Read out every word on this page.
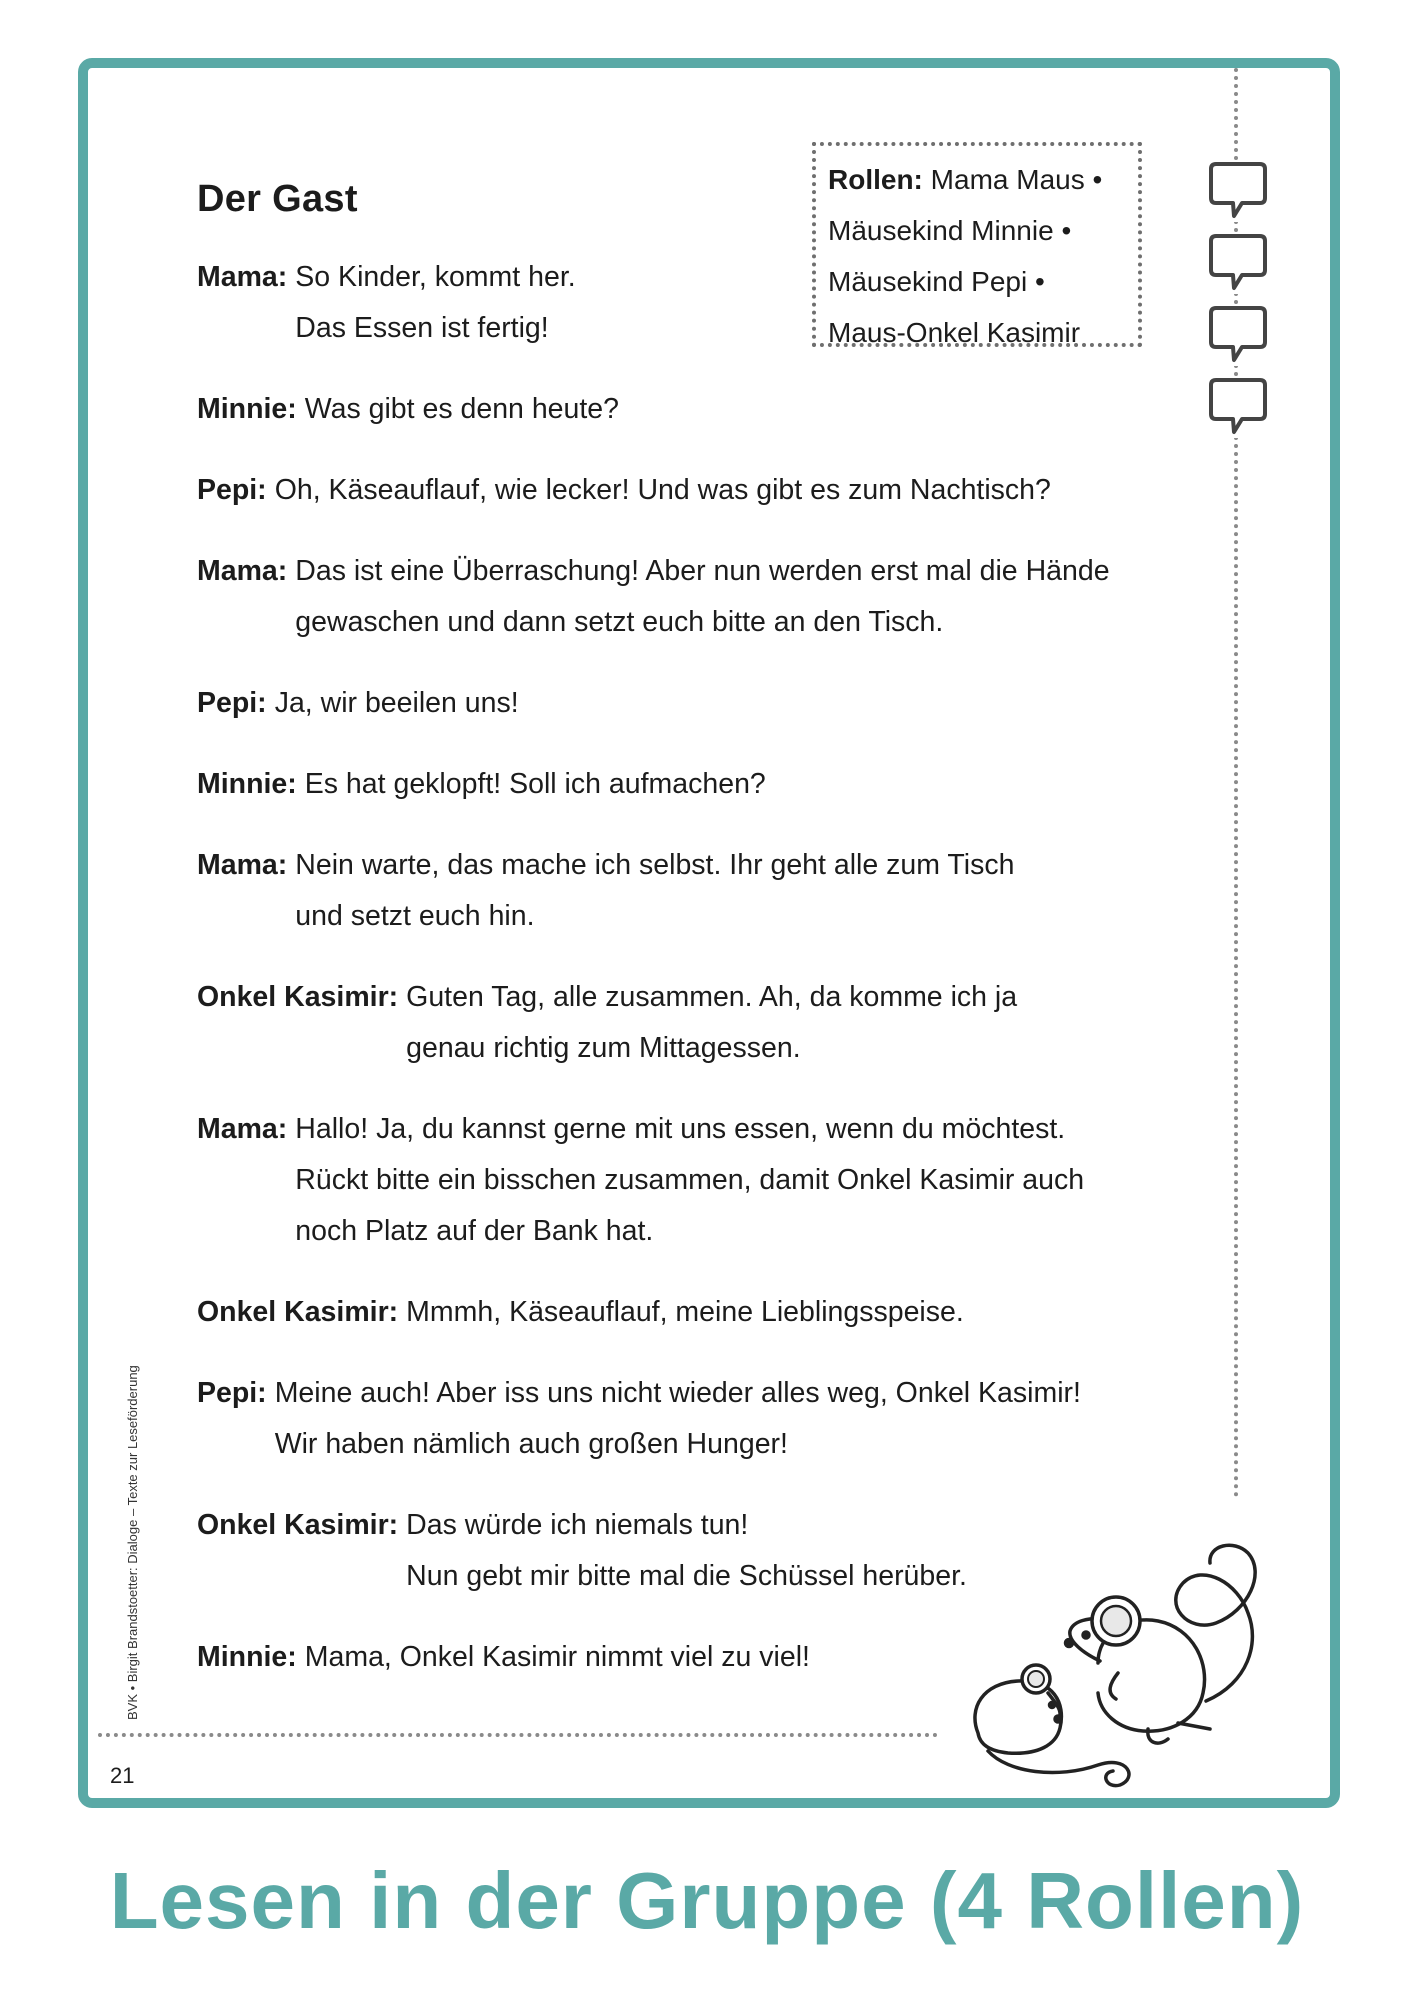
Der Gast	Rollen: Mama Maus •
Mäusekind Minnie •
Mäusekind Pepi •
Maus-Onkel Kasimir
Mama: So Kinder, kommt her.

Das Essen ist fertig!

Minnie: Was gibt es denn heute?

Pepi: Oh, Käseauflauf, wie lecker! Und was gibt es zum Nachtisch?

Mama: Das ist eine Überraschung! Aber nun werden erst mal die Hände

gewaschen und dann setzt euch bitte an den Tisch.

Pepi: Ja, wir beeilen uns!

Minnie: Es hat geklopft! Soll ich aufmachen?

Mama: Nein warte, das mache ich selbst. Ihr geht alle zum Tisch

und setzt euch hin.

Onkel Kasimir: Guten Tag, alle zusammen. Ah, da komme ich ja

genau richtig zum Mittagessen.

Mama: Hallo! Ja, du kannst gerne mit uns essen, wenn du möchtest.

Rückt bitte ein bisschen zusammen, damit Onkel Kasimir auch

noch Platz auf der Bank hat.

Onkel Kasimir: Mmmh, Käseauflauf, meine Lieblingsspeise.

Pepi: Meine auch! Aber iss uns nicht wieder alles weg, Onkel Kasimir!

Wir haben nämlich auch großen Hunger!

Onkel Kasimir: Das würde ich niemals tun!

Nun gebt mir bitte mal die Schüssel herüber.

Minnie: Mama, Onkel Kasimir nimmt viel zu viel!

21
BVK • Birgit Brandstoetter: Dialoge – Texte zur Leseförderung
Lesen in der Gruppe (4 Rollen)
